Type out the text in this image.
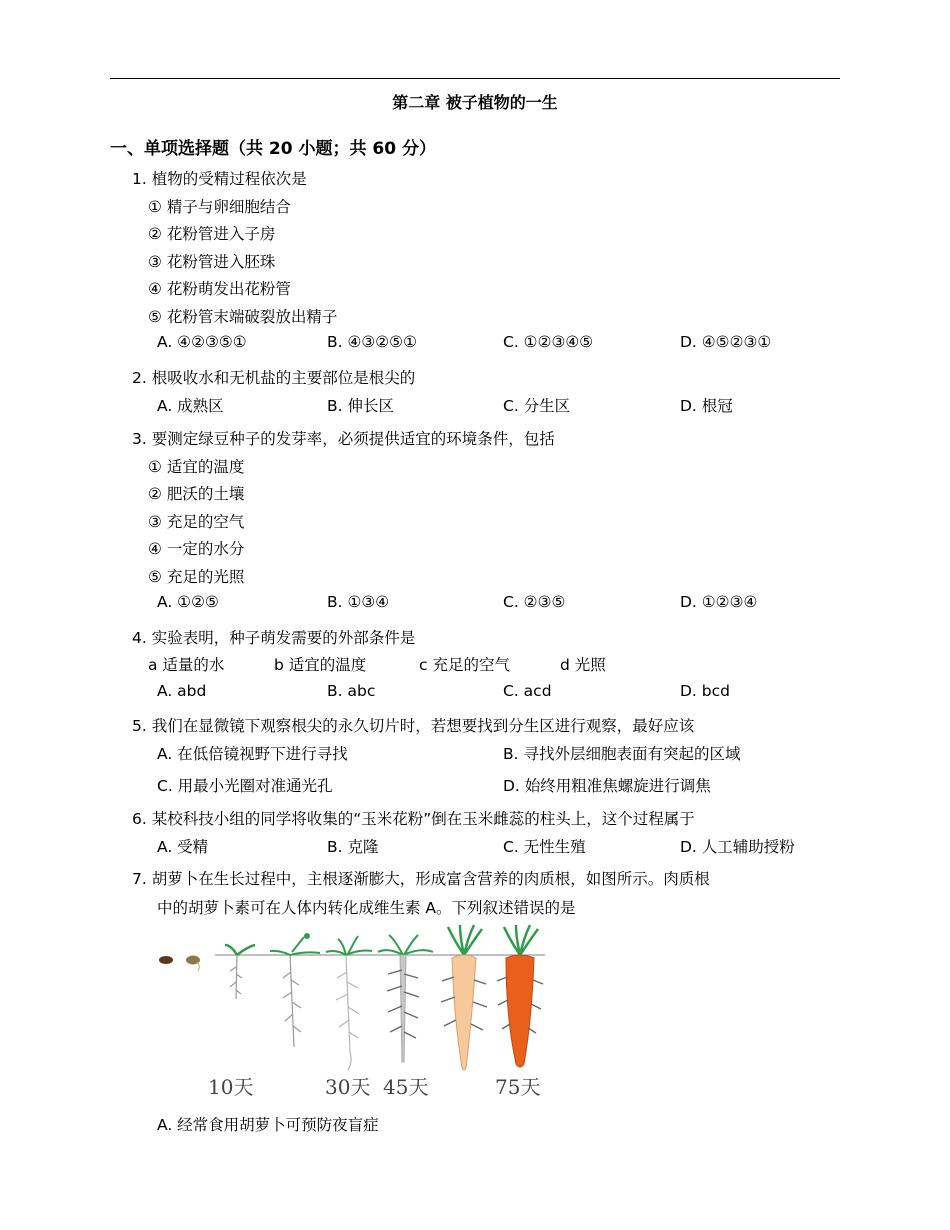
第二章 被子植物的一生
一、单项选择题（共 20 小题；共 60 分）
1. 植物的受精过程依次是
① 精子与卵细胞结合
② 花粉管进入子房
③ 花粉管进入胚珠
④ 花粉萌发出花粉管
⑤ 花粉管末端破裂放出精子
A. ④②③⑤①	B. ④③②⑤①	C. ①②③④⑤	D. ④⑤②③①
2. 根吸收水和无机盐的主要部位是根尖的
A. 成熟区	B. 伸长区	C. 分生区	D. 根冠
3. 要测定绿豆种子的发芽率，必须提供适宜的环境条件，包括
① 适宜的温度
② 肥沃的土壤
③ 充足的空气
④ 一定的水分
⑤ 充足的光照
A. ①②⑤	B. ①③④	C. ②③⑤	D. ①②③④
4. 实验表明，种子萌发需要的外部条件是
a 适量的水	b 适宜的温度	c 充足的空气	d 光照
A. abd	B. abc	C. acd	D. bcd
5. 我们在显微镜下观察根尖的永久切片时，若想要找到分生区进行观察，最好应该
A. 在低倍镜视野下进行寻找	B. 寻找外层细胞表面有突起的区域
C. 用最小光圈对准通光孔	D. 始终用粗准焦螺旋进行调焦
6. 某校科技小组的同学将收集的“玉米花粉”倒在玉米雌蕊的柱头上，这个过程属于
A. 受精	B. 克隆	C. 无性生殖	D. 人工辅助授粉
7. 胡萝卜在生长过程中，主根逐渐膨大，形成富含营养的肉质根，如图所示。肉质根
中的胡萝卜素可在人体内转化成维生素 A。下列叙述错误的是
10天	30天 45天	75天
A. 经常食用胡萝卜可预防夜盲症
